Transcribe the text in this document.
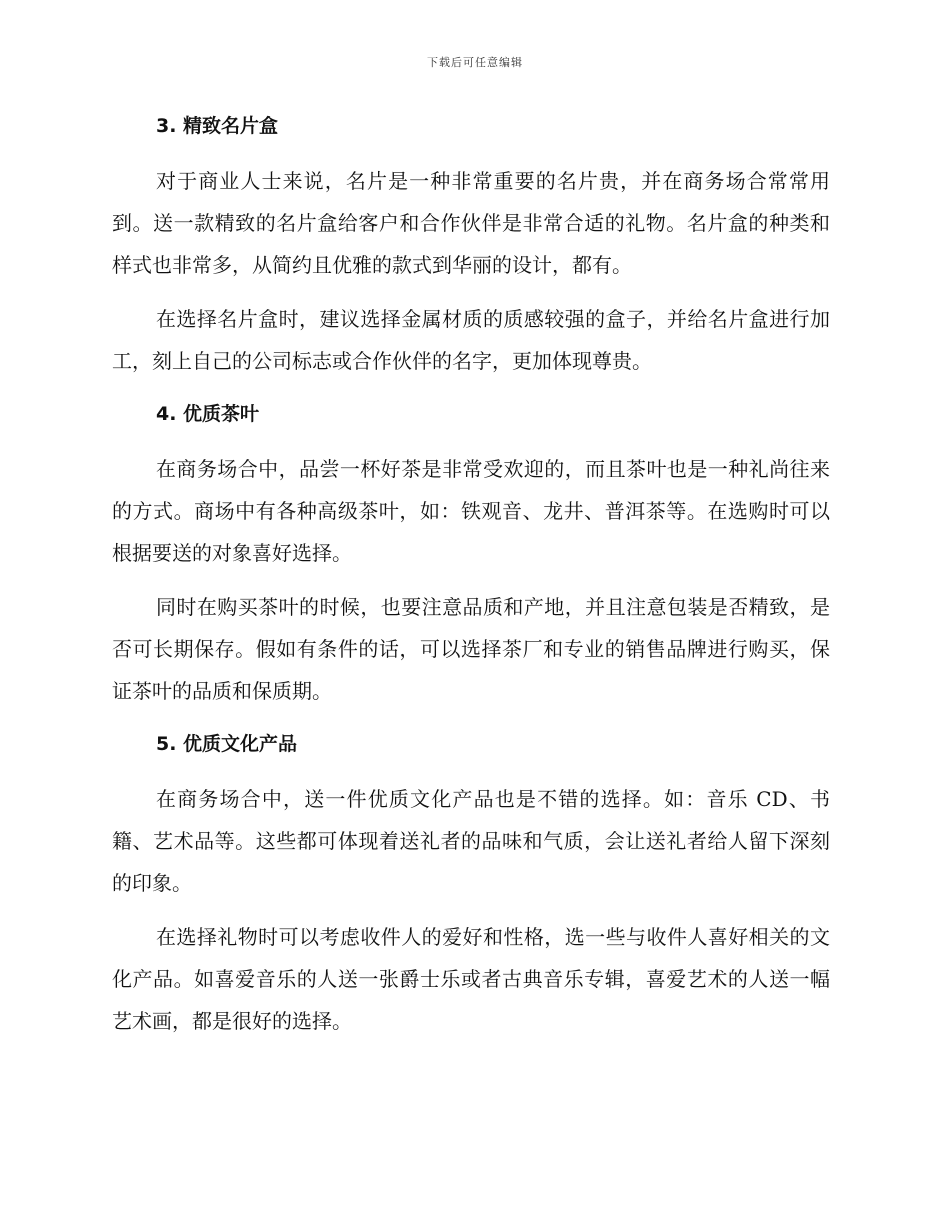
下载后可任意编辑
3. 精致名片盒

对于商业人士来说，名片是一种非常重要的名片贵，并在商务场合常常用到。送一款精致的名片盒给客户和合作伙伴是非常合适的礼物。名片盒的种类和样式也非常多，从简约且优雅的款式到华丽的设计，都有。

在选择名片盒时，建议选择金属材质的质感较强的盒子，并给名片盒进行加工，刻上自己的公司标志或合作伙伴的名字，更加体现尊贵。

4. 优质茶叶

在商务场合中，品尝一杯好茶是非常受欢迎的，而且茶叶也是一种礼尚往来的方式。商场中有各种高级茶叶，如：铁观音、龙井、普洱茶等。在选购时可以根据要送的对象喜好选择。

同时在购买茶叶的时候，也要注意品质和产地，并且注意包装是否精致，是否可长期保存。假如有条件的话，可以选择茶厂和专业的销售品牌进行购买，保证茶叶的品质和保质期。

5. 优质文化产品

在商务场合中，送一件优质文化产品也是不错的选择。如：音乐 CD、书籍、艺术品等。这些都可体现着送礼者的品味和气质，会让送礼者给人留下深刻的印象。

在选择礼物时可以考虑收件人的爱好和性格，选一些与收件人喜好相关的文化产品。如喜爱音乐的人送一张爵士乐或者古典音乐专辑，喜爱艺术的人送一幅艺术画，都是很好的选择。
